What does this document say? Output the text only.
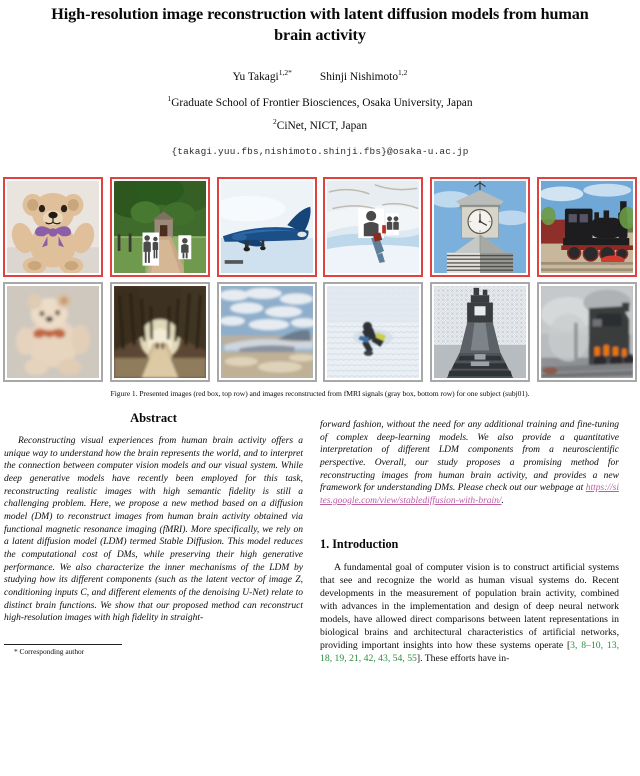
High-resolution image reconstruction with latent diffusion models from human brain activity
Yu Takagi$^{1,2*}$ Shinji Nishimoto$^{1,2}$
$^1$Graduate School of Frontier Biosciences, Osaka University, Japan
$^2$CiNet, NICT, Japan
{takagi.yuu.fbs,nishimoto.shinji.fbs}@osaka-u.ac.jp
Figure 1. Presented images (red box, top row) and images reconstructed from fMRI signals (gray box, bottom row) for one subject (subj01).
Abstract

Reconstructing visual experiences from human brain activity offers a unique way to understand how the brain represents the world, and to interpret the connection between computer vision models and our visual system. While deep generative models have recently been employed for this task, reconstructing realistic images with high semantic fidelity is still a challenging problem. Here, we propose a new method based on a diffusion model (DM) to reconstruct images from human brain activity obtained via functional magnetic resonance imaging (fMRI). More specifically, we rely on a latent diffusion model (LDM) termed Stable Diffusion. This model reduces the computational cost of DMs, while preserving their high generative performance. We also characterize the inner mechanisms of the LDM by studying how its different components (such as the latent vector of image Z, conditioning inputs C, and different elements of the denoising U-Net) relate to distinct brain functions. We show that our proposed method can reconstruct high-resolution images with high fidelity in straight-

* Corresponding author

forward fashion, without the need for any additional training and fine-tuning of complex deep-learning models. We also provide a quantitative interpretation of different LDM components from a neuroscientific perspective. Overall, our study proposes a promising method for reconstructing images from human brain activity, and provides a new framework for understanding DMs. Please check out our webpage at https://sites.google.com/view/stablediffusion-with-brain/.

1. Introduction

A fundamental goal of computer vision is to construct artificial systems that see and recognize the world as human visual systems do. Recent developments in the measurement of population brain activity, combined with advances in the implementation and design of deep neural network models, have allowed direct comparisons between latent representations in biological brains and architectural characteristics of artificial networks, providing important insights into how these systems operate [3, 8–10, 13, 18, 19, 21, 42, 43, 54, 55]. These efforts have in-
